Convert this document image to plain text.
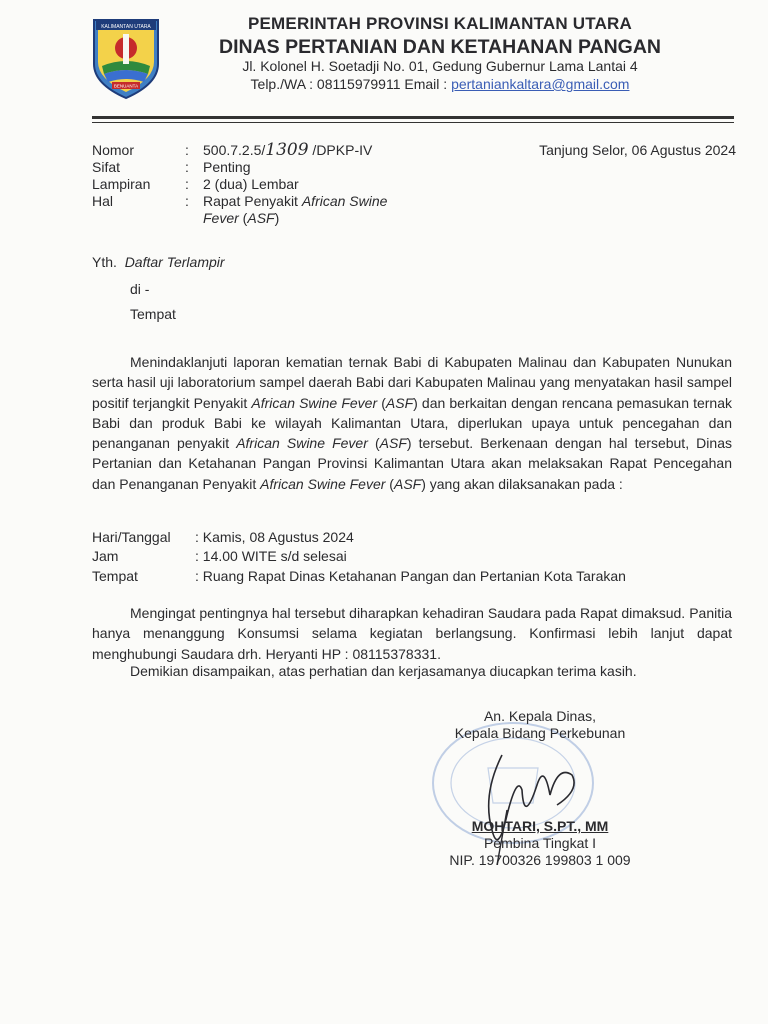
KALIMANTAN UTARA
BENUANTA
PEMERINTAH PROVINSI KALIMANTAN UTARA
DINAS PERTANIAN DAN KETAHANAN PANGAN
Jl. Kolonel H. Soetadji No. 01, Gedung Gubernur Lama Lantai 4
Telp./WA : 08115979911 Email : pertaniankaltara@gmail.com
Nomor	: 500.7.2.5/1309 /DPKP-IV	Tanjung Selor, 06 Agustus 2024
Sifat	: Penting
Lampiran : 2 (dua) Lembar
Hal	: Rapat Penyakit African Swine
Fever (ASF)
Yth. Daftar Terlampir
di -
Tempat
Menindaklanjuti laporan kematian ternak Babi di Kabupaten Malinau dan Kabupaten Nunukan serta hasil uji laboratorium sampel daerah Babi dari Kabupaten Malinau yang menyatakan hasil sampel positif terjangkit Penyakit African Swine Fever (ASF) dan berkaitan dengan rencana pemasukan ternak Babi dan produk Babi ke wilayah Kalimantan Utara, diperlukan upaya untuk pencegahan dan penanganan penyakit African Swine Fever (ASF) tersebut. Berkenaan dengan hal tersebut, Dinas Pertanian dan Ketahanan Pangan Provinsi Kalimantan Utara akan melaksakan Rapat Pencegahan dan Penanganan Penyakit African Swine Fever (ASF) yang akan dilaksanakan pada :
Hari/Tanggal : Kamis, 08 Agustus 2024
Jam	: 14.00 WITE s/d selesai
Tempat	: Ruang Rapat Dinas Ketahanan Pangan dan Pertanian Kota Tarakan
Mengingat pentingnya hal tersebut diharapkan kehadiran Saudara pada Rapat dimaksud. Panitia hanya menanggung Konsumsi selama kegiatan berlangsung. Konfirmasi lebih lanjut dapat menghubungi Saudara drh. Heryanti HP : 08115378331.
Demikian disampaikan, atas perhatian dan kerjasamanya diucapkan terima kasih.
An. Kepala Dinas,
Kepala Bidang Perkebunan
MOHTARI, S.PT., MM
Pembina Tingkat I
NIP. 19700326 199803 1 009
